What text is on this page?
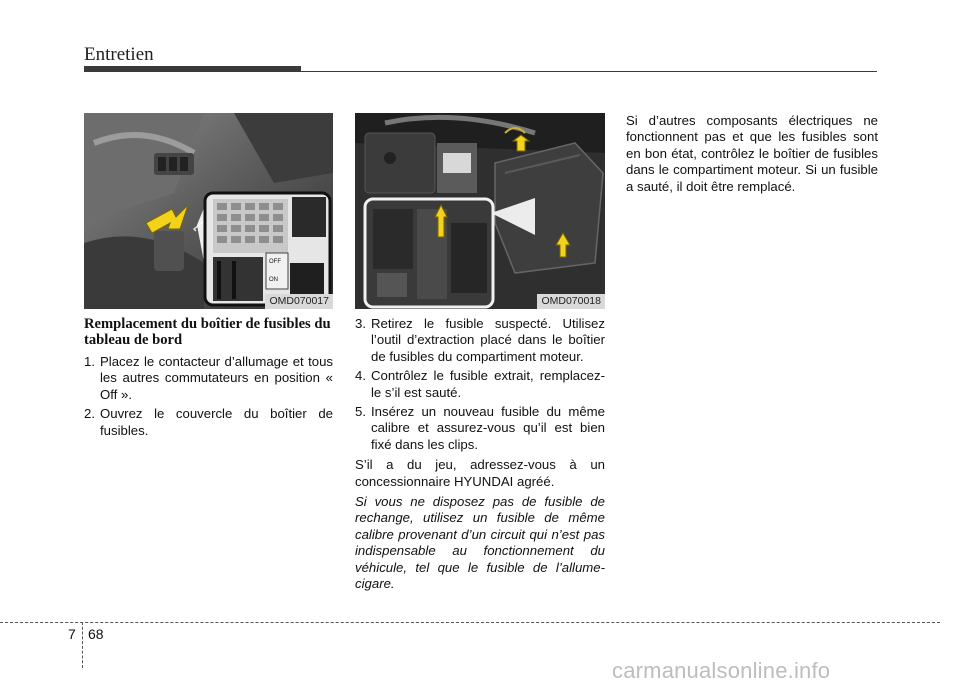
Entretien
OFF
ON
OMD070017	OMD070018
Remplacement du boîtier de fusibles du tableau de bord
1. Placez le contacteur d’allumage et tous les autres commutateurs en position « Off ».
2. Ouvrez le couvercle du boîtier de fusibles.
3. Retirez le fusible suspecté. Utilisez l’outil d’extraction placé dans le boîtier de fusibles du compartiment moteur.
4. Contrôlez le fusible extrait, remplacez-le s’il est sauté.
5. Insérez un nouveau fusible du même calibre et assurez-vous qu’il est bien fixé dans les clips.

S’il a du jeu, adressez-vous à un concessionnaire HYUNDAI agréé.

Si vous ne disposez pas de fusible de rechange, utilisez un fusible de même calibre provenant d’un circuit qui n’est pas indispensable au fonctionnement du véhicule, tel que le fusible de l’allume-cigare.

Si d’autres composants électriques ne fonctionnent pas et que les fusibles sont en bon état, contrôlez le boîtier de fusibles dans le compartiment moteur. Si un fusible a sauté, il doit être remplacé.

7 68
carmanualsonline.info
